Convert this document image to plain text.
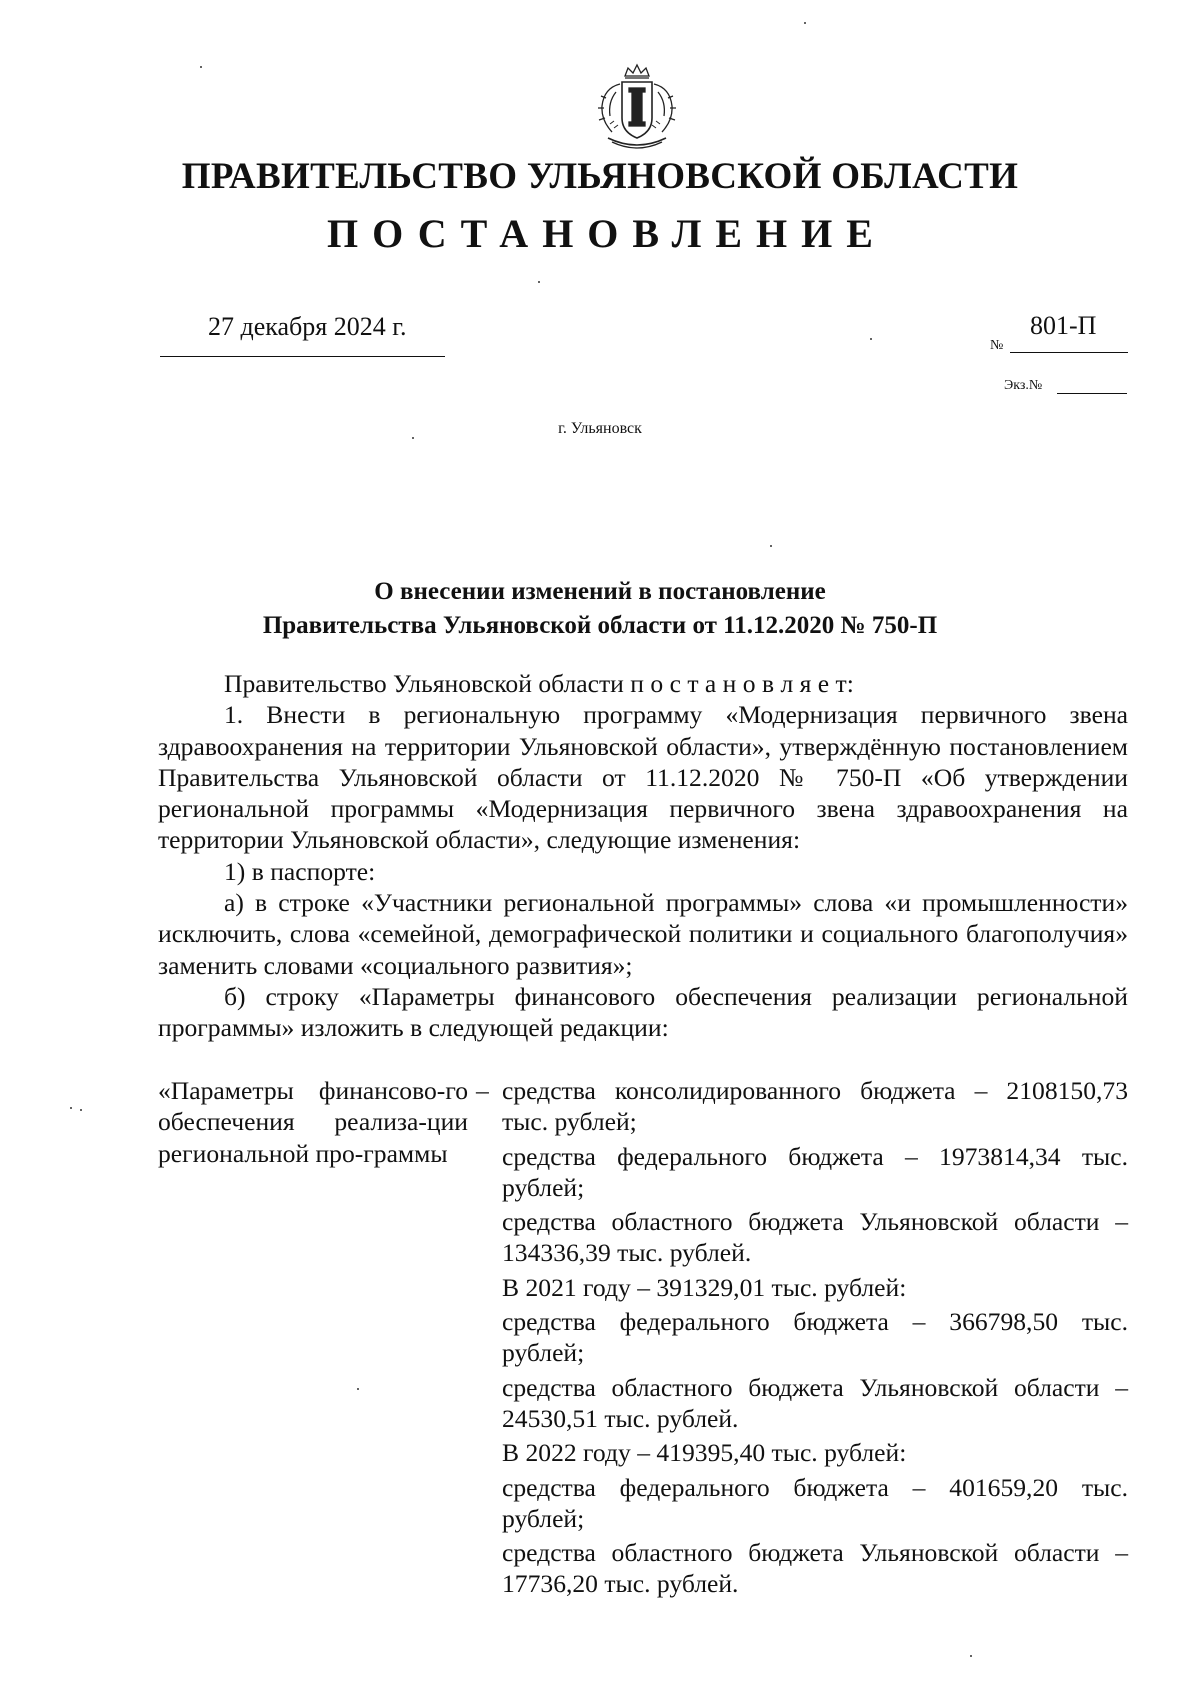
ПРАВИТЕЛЬСТВО УЛЬЯНОВСКОЙ ОБЛАСТИ

ПОСТАНОВЛЕНИЕ

27 декабря 2024 г.

№

801-П

Экз.№

г. Ульяновск

О внесении изменений в постановление
Правительства Ульяновской области от 11.12.2020 № 750-П

Правительство Ульяновской области п о с т а н о в л я е т:

1. Внести в региональную программу «Модернизация первичного звена здравоохранения на территории Ульяновской области», утверждённую постановлением Правительства Ульяновской области от 11.12.2020 № 750-П «Об утверждении региональной программы «Модернизация первичного звена здравоохранения на территории Ульяновской области», следующие изменения:

1) в паспорте:

а) в строке «Участники региональной программы» слова «и промышленности» исключить, слова «семейной, демографической политики и социального благополучия» заменить словами «социального развития»;

б) строку «Параметры финансового обеспечения реализации региональной программы» изложить в следующей редакции:

«Параметры финансово-го обеспечения реализа-ции региональной про-граммы
– средства консолидированного бюджета – 2108150,73 тыс. рублей;

средства федерального бюджета – 1973814,34 тыс. рублей;

средства областного бюджета Ульяновской области – 134336,39 тыс. рублей.

В 2021 году – 391329,01 тыс. рублей:

средства федерального бюджета – 366798,50 тыс. рублей;

средства областного бюджета Ульяновской области – 24530,51 тыс. рублей.

В 2022 году – 419395,40 тыс. рублей:

средства федерального бюджета – 401659,20 тыс. рублей;

средства областного бюджета Ульяновской области – 17736,20 тыс. рублей.
